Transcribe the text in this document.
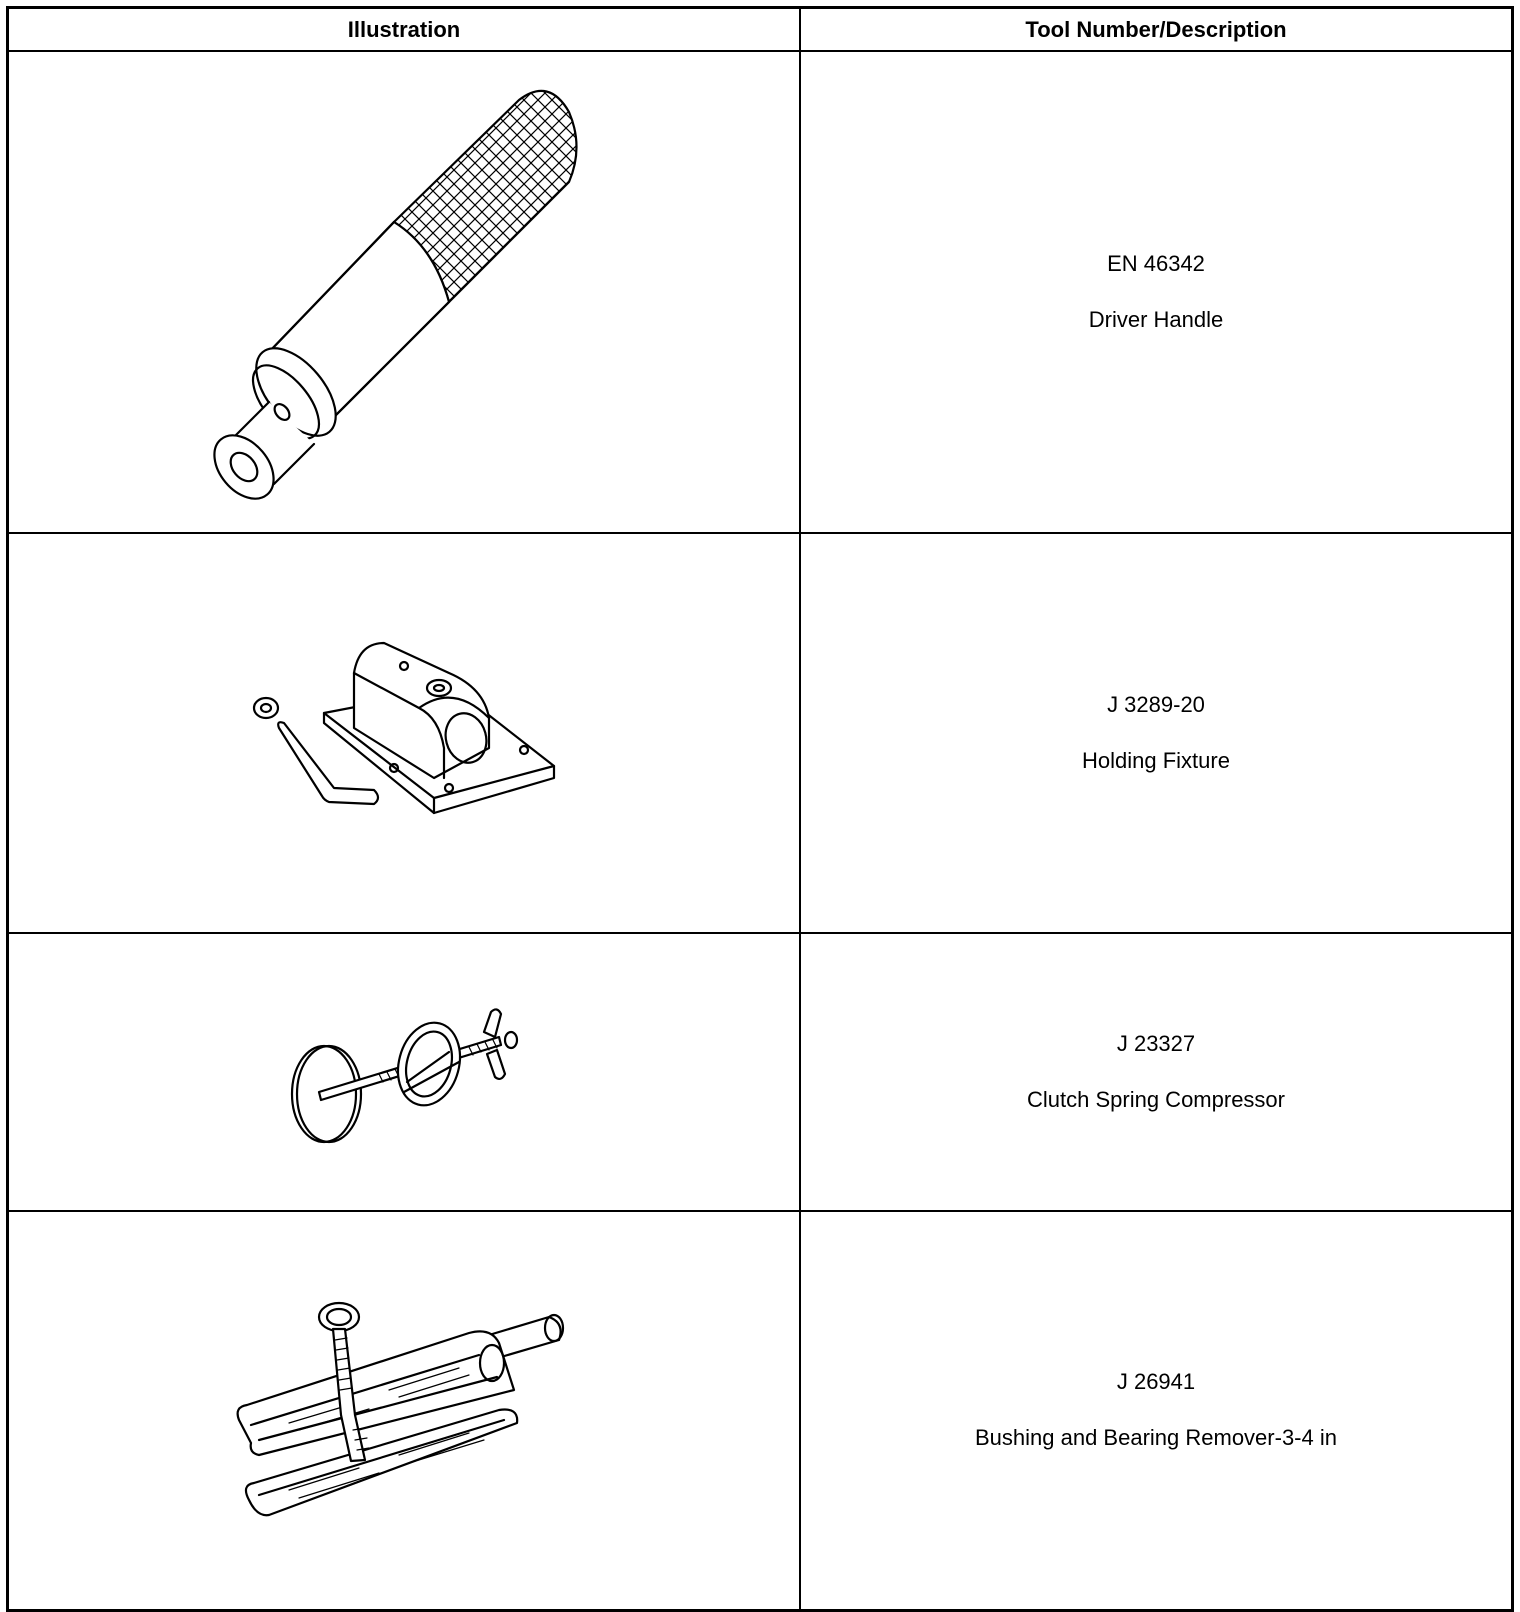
Illustration	Tool Number/Description

EN 46342
Driver Handle

J 3289-20
Holding Fixture

J 23327
Clutch Spring Compressor

J 26941
Bushing and Bearing Remover-3-4 in
